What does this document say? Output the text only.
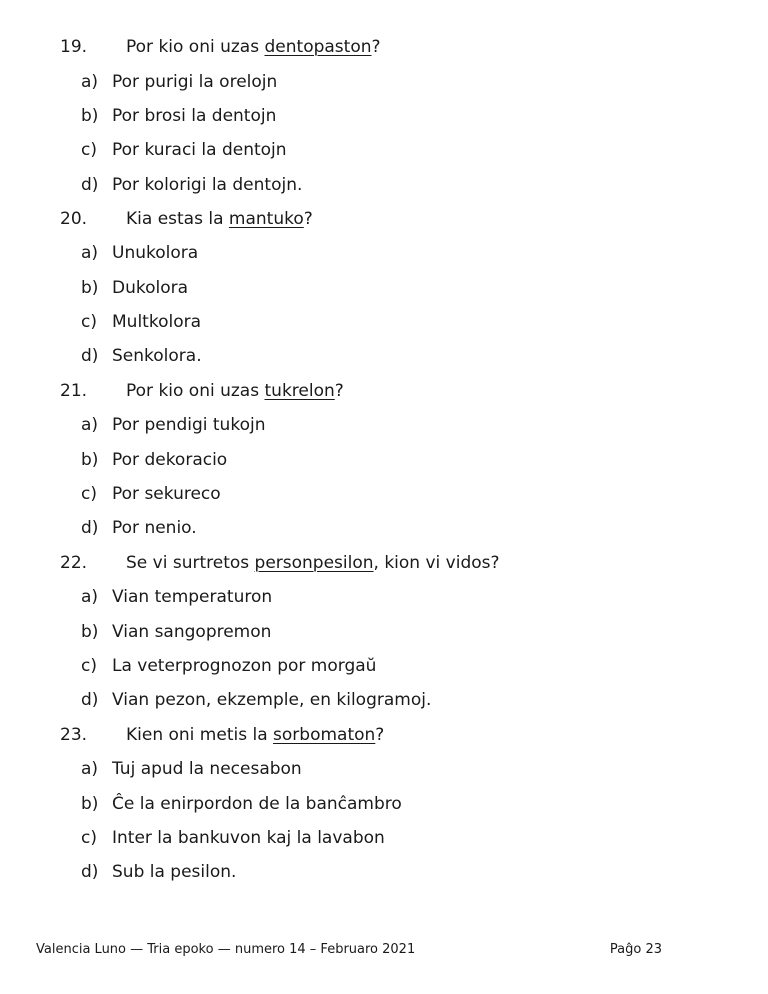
19. Por kio oni uzas dentopaston?
a) Por purigi la orelojn
b) Por brosi la dentojn
c) Por kuraci la dentojn
d) Por kolorigi la dentojn.
20. Kia estas la mantuko?
a) Unukolora
b) Dukolora
c) Multkolora
d) Senkolora.
21. Por kio oni uzas tukrelon?
a) Por pendigi tukojn
b) Por dekoracio
c) Por sekureco
d) Por nenio.
22. Se vi surtretos personpesilon, kion vi vidos?
a) Vian temperaturon
b) Vian sangopremon
c) La veterprognozon por morgaŭ
d) Vian pezon, ekzemple, en kilogramoj.
23. Kien oni metis la sorbomaton?
a) Tuj apud la necesabon
b) Ĉe la enirpordon de la banĉambro
c) Inter la bankuvon kaj la lavabon
d) Sub la pesilon.
Valencia Luno — Tria epoko — numero 14 – Februaro 2021	Paĝo 23
